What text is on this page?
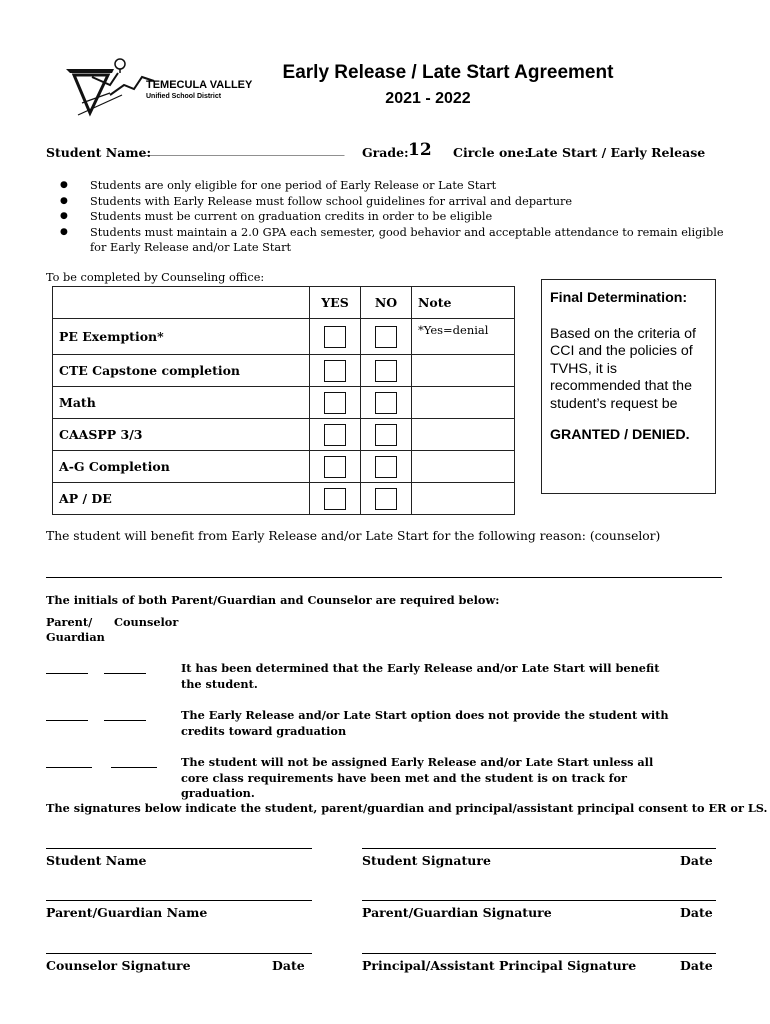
TEMECULA VALLEY
Unified School District
Early Release / Late Start Agreement
2021 - 2022
Student Name:
_____________________________________ Grade: 12 Circle one:
Late Start / Early Release
● Students are only eligible for one period of Early Release or Late Start
● Students with Early Release must follow school guidelines for arrival and departure
● Students must be current on graduation credits in order to be eligible
● Students must maintain a 2.0 GPA each semester, good behavior and acceptable attendance to remain eligible for Early Release and/or Late Start
To be completed by Counseling office:
	YES	NO	Note
PE Exemption*			*Yes=denial
CTE Capstone completion			
Math			
CAASPP 3/3			
A-G Completion			
AP / DE			
Final Determination:
Based on the criteria of CCI and the policies of TVHS, it is recommended that the student’s request be
GRANTED / DENIED.
The student will benefit from Early Release and/or Late Start for the following reason: (counselor)
The initials of both Parent/Guardian and Counselor are required below:
Parent/
Guardian
Counselor
It has been determined that the Early Release and/or Late Start will benefit the student.
The Early Release and/or Late Start option does not provide the student with credits toward graduation
The student will not be assigned Early Release and/or Late Start unless all core class requirements have been met and the student is on track for graduation.
The signatures below indicate the student, parent/guardian and principal/assistant principal consent to ER or LS.
Student Name	Student Signature	Date
Parent/Guardian Name	Parent/Guardian Signature	Date
Counselor Signature	Date	Principal/Assistant Principal Signature	Date
